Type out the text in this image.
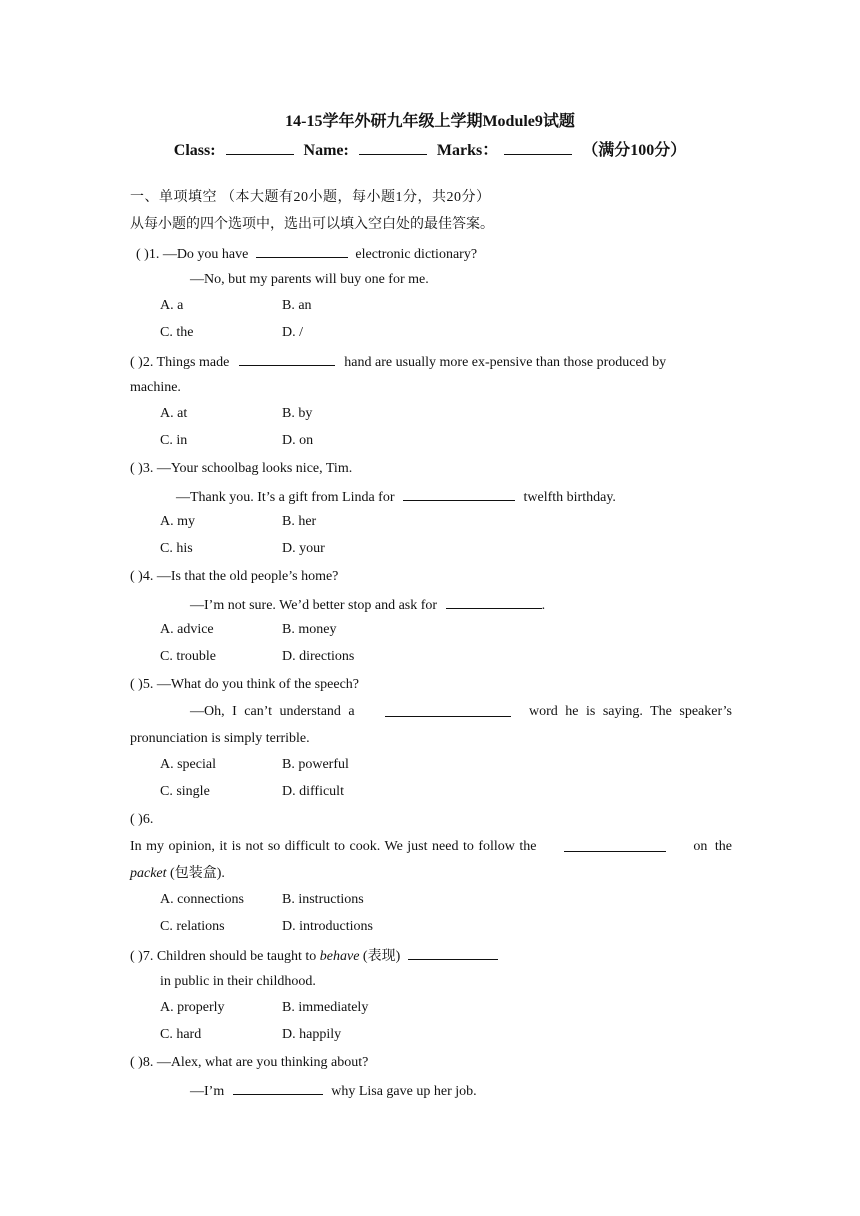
14-15学年外研九年级上学期Module9试题
Class:	Name:	Marks：	（满分100分）
一、单项填空 （本大题有20小题，每小题1分，共20分）
从每小题的四个选项中，选出可以填入空白处的最佳答案。
( )1. —Do you have	electronic dictionary?
—No, but my parents will buy one for me.
A. a	B. an
C. the	D. /
( )2. Things made	hand are usually more ex-pensive than those produced by
machine.
A. at	B. by
C. in	D. on
( )3. —Your schoolbag looks nice, Tim.
—Thank you. It’s a gift from Linda for	twelfth birthday.
A. my	B. her
C. his	D. your
( )4. —Is that the old people’s home?
—I’m not sure. We’d better stop and ask for	.
A. advice	B. money
C. trouble	D. directions
( )5. —What do you think of the speech?
—Oh, I can’t understand a	word he is saying. The speaker’s
pronunciation is simply terrible.
A. special	B. powerful
C. single	D. difficult
( )6.
In my opinion, it is not so difficult to cook. We just need to follow the	on the
packet (包装盒).
A. connections	B. instructions
C. relations	D. introductions
( )7. Children should be taught to behave (表现)
in public in their childhood.
A. properly	B. immediately
C. hard	D. happily
( )8. —Alex, what are you thinking about?
—I’m	why Lisa gave up her job.
